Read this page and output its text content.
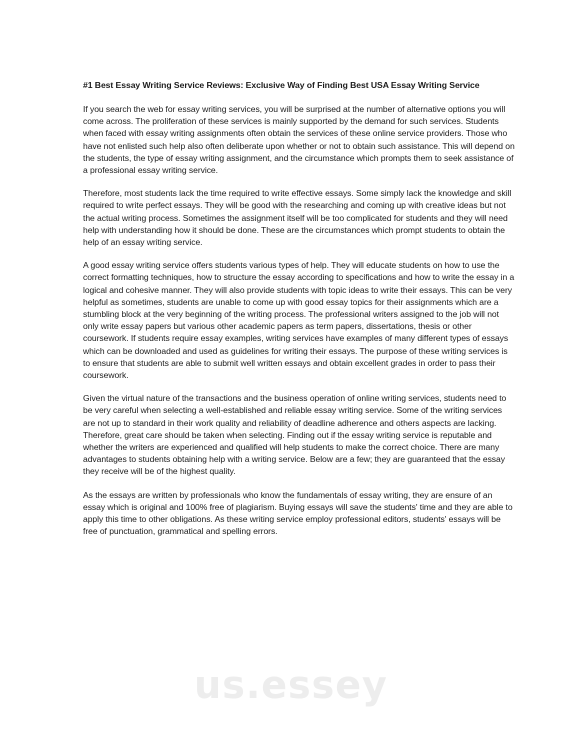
#1 Best Essay Writing Service Reviews: Exclusive Way of Finding Best USA Essay Writing Service

If you search the web for essay writing services, you will be surprised at the number of alternative options you will come across. The proliferation of these services is mainly supported by the demand for such services. Students when faced with essay writing assignments often obtain the services of these online service providers. Those who have not enlisted such help also often deliberate upon whether or not to obtain such assistance. This will depend on the students, the type of essay writing assignment, and the circumstance which prompts them to seek assistance of a professional essay writing service.

Therefore, most students lack the time required to write effective essays. Some simply lack the knowledge and skill required to write perfect essays. They will be good with the researching and coming up with creative ideas but not the actual writing process. Sometimes the assignment itself will be too complicated for students and they will need help with understanding how it should be done. These are the circumstances which prompt students to obtain the help of an essay writing service.

A good essay writing service offers students various types of help. They will educate students on how to use the correct formatting techniques, how to structure the essay according to specifications and how to write the essay in a logical and cohesive manner. They will also provide students with topic ideas to write their essays. This can be very helpful as sometimes, students are unable to come up with good essay topics for their assignments which are a stumbling block at the very beginning of the writing process. The professional writers assigned to the job will not only write essay papers but various other academic papers as term papers, dissertations, thesis or other coursework. If students require essay examples, writing services have examples of many different types of essays which can be downloaded and used as guidelines for writing their essays. The purpose of these writing services is to ensure that students are able to submit well written essays and obtain excellent grades in order to pass their coursework.

Given the virtual nature of the transactions and the business operation of online writing services, students need to be very careful when selecting a well-established and reliable essay writing service. Some of the writing services are not up to standard in their work quality and reliability of deadline adherence and others aspects are lacking. Therefore, great care should be taken when selecting. Finding out if the essay writing service is reputable and whether the writers are experienced and qualified will help students to make the correct choice. There are many advantages to students obtaining help with a writing service. Below are a few; they are guaranteed that the essay they receive will be of the highest quality.

As the essays are written by professionals who know the fundamentals of essay writing, they are ensure of an essay which is original and 100% free of plagiarism. Buying essays will save the students' time and they are able to apply this time to other obligations. As these writing service employ professional editors, students' essays will be free of punctuation, grammatical and spelling errors.

us.essey
